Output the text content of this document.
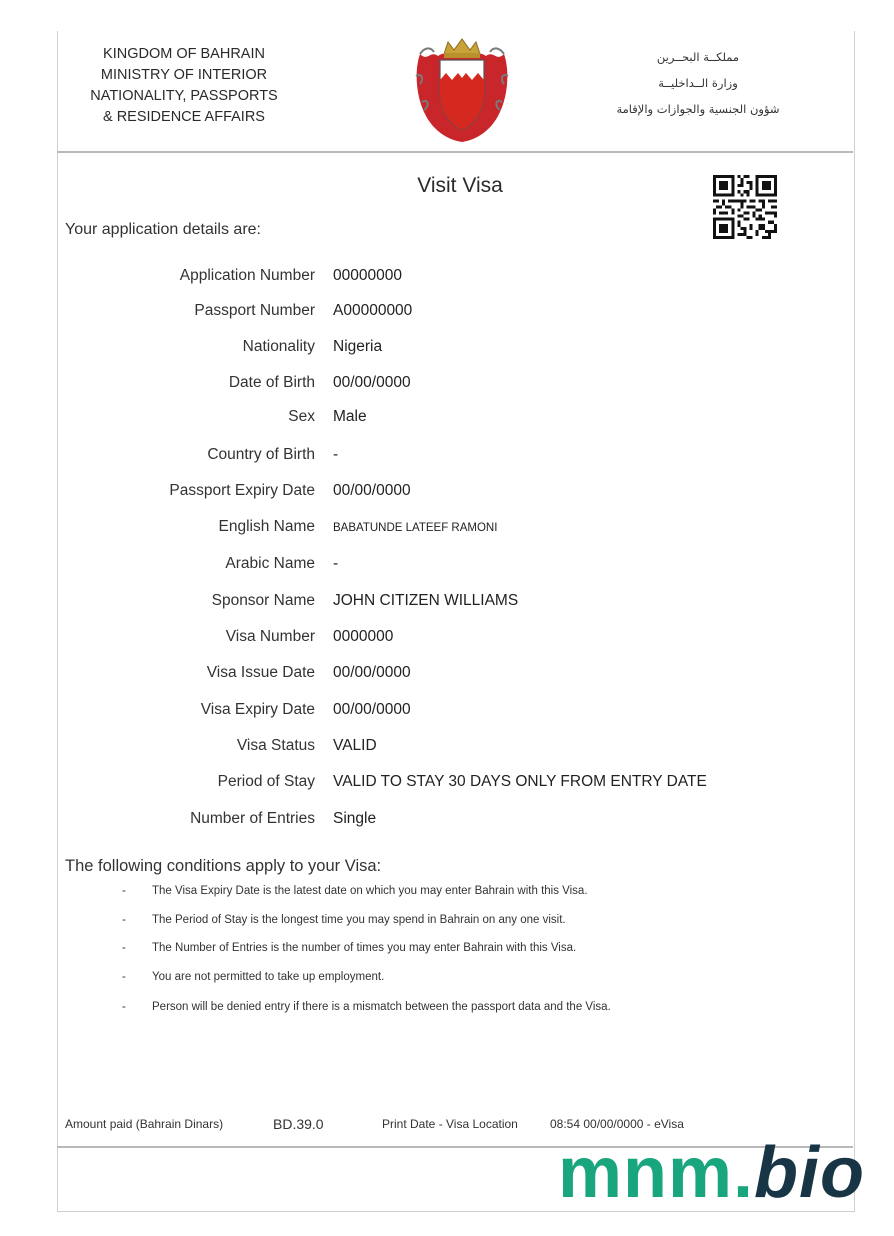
KINGDOM OF BAHRAIN
MINISTRY OF INTERIOR
NATIONALITY, PASSPORTS
& RESIDENCE AFFAIRS
مملكــة البحــرين
وزارة الــداخليــة
شؤون الجنسية والجوازات والإقامة
Visit Visa
Your application details are:
Application Number 00000000
Passport Number A00000000
Nationality Nigeria
Date of Birth 00/00/0000
Sex Male
Country of Birth -
Passport Expiry Date 00/00/0000
English Name BABATUNDE LATEEF RAMONI
Arabic Name -
Sponsor Name JOHN CITIZEN WILLIAMS
Visa Number 0000000
Visa Issue Date 00/00/0000
Visa Expiry Date 00/00/0000
Visa Status VALID
Period of Stay VALID TO STAY 30 DAYS ONLY FROM ENTRY DATE
Number of Entries Single
The following conditions apply to your Visa:
- The Visa Expiry Date is the latest date on which you may enter Bahrain with this Visa.
- The Period of Stay is the longest time you may spend in Bahrain on any one visit.
- The Number of Entries is the number of times you may enter Bahrain with this Visa.
- You are not permitted to take up employment.
- Person will be denied entry if there is a mismatch between the passport data and the Visa.
Amount paid (Bahrain Dinars)	BD.39.0	Print Date - Visa Location	08:54 00/00/0000 - eVisa
mnm.bio
